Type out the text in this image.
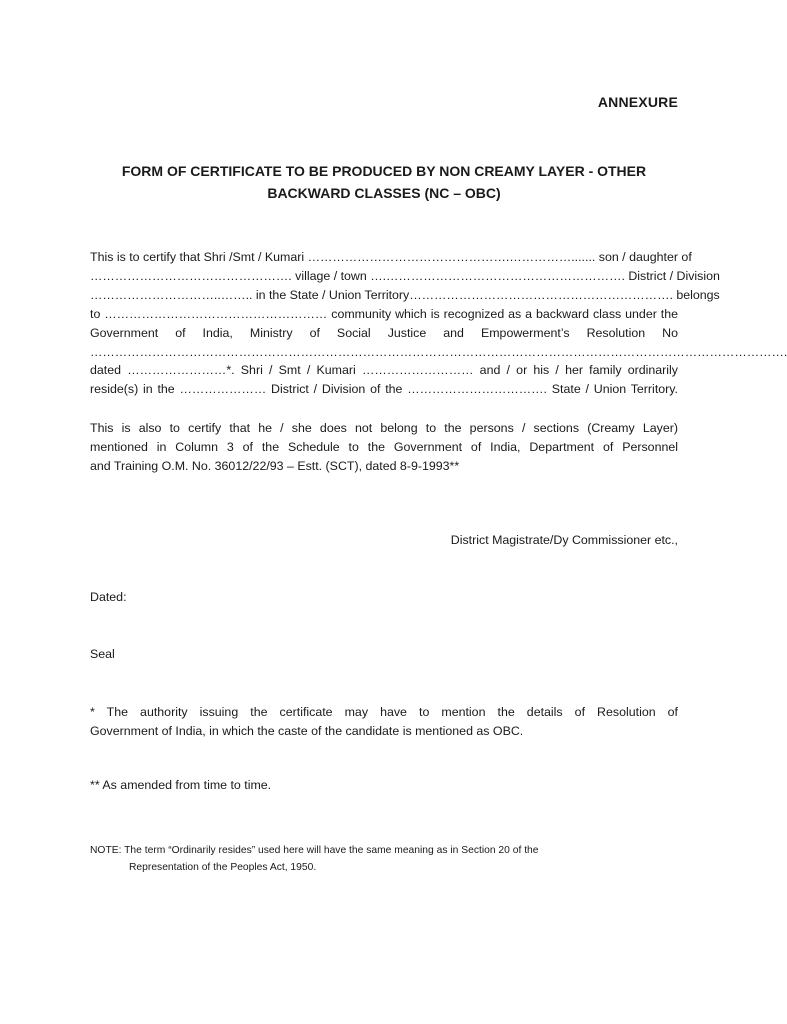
ANNEXURE
FORM OF CERTIFICATE TO BE PRODUCED BY NON CREAMY LAYER - OTHER
BACKWARD CLASSES (NC – OBC)
This is to certify that Shri /Smt / Kumari ………………………………………….……………....... son / daughter of
…………………………………………. village / town ….…………………………………………………. District / Division
…………………………..…….. in the State / Union Territory………………………………………………………. belongs
to ……………………………………………… community which is recognized as a backward class under the
Government of India, Ministry of Social Justice and Empowerment’s Resolution No
…………………………………………………………………………………………………………………………………………………….
dated ……………………*. Shri / Smt / Kumari ……………………… and / or his / her family ordinarily
reside(s) in the ………………… District / Division of the ……………………………. State / Union Territory.
This is also to certify that he / she does not belong to the persons / sections (Creamy Layer)
mentioned in Column 3 of the Schedule to the Government of India, Department of Personnel
and Training O.M. No. 36012/22/93 – Estt. (SCT), dated 8-9-1993**
District Magistrate/Dy Commissioner etc.,
Dated:
Seal
* The authority issuing the certificate may have to mention the details of Resolution of
Government of India, in which the caste of the candidate is mentioned as OBC.
** As amended from time to time.
NOTE: The term “Ordinarily resides” used here will have the same meaning as in Section 20 of the
Representation of the Peoples Act, 1950.
